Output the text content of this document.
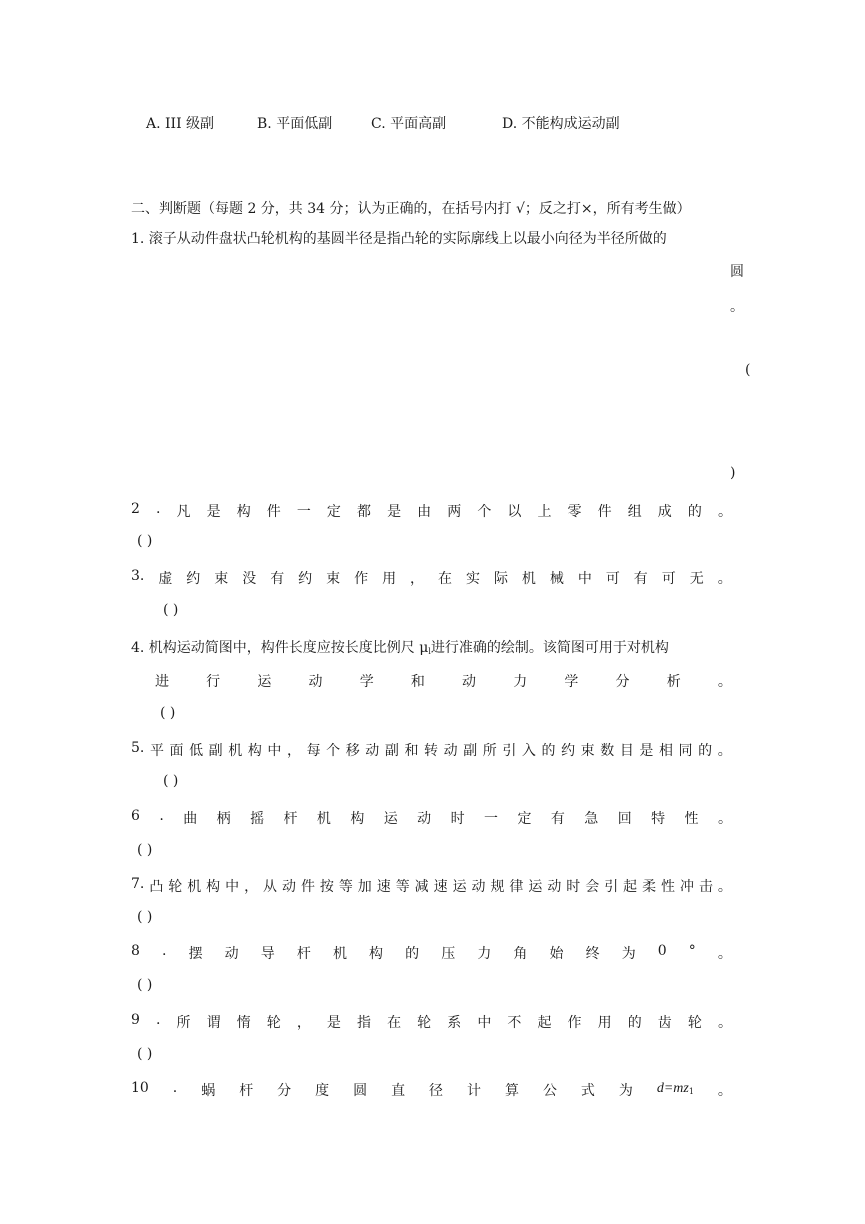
A. III 级副	B. 平面低副	C. 平面高副	D. 不能构成运动副
二、判断题（每题 2 分，共 34 分；认为正确的，在括号内打 √；反之打×，所有考生做）
1. 滚子从动件盘状凸轮机构的基圆半径是指凸轮的实际廓线上以最小向径为半径所做的
圆
。
(
)
2 . 凡 是 构 件 一 定 都 是 由 两 个 以 上 零 件 组 成 的 。
( )
3. 虚 约 束 没 有 约 束 作 用 ， 在 实 际 机 械 中 可 有 可 无 。
( )
4. 机构运动简图中，构件长度应按长度比例尺 $\mu_l$进行准确的绘制。该简图可用于对机构
进	行	运	动	学	和	动	力	学	分	析	。
( )
5. 平 面 低 副 机 构 中 ， 每 个 移 动 副 和 转 动 副 所 引 入 的 约 束 数 目 是 相 同 的 。
( )
6 . 曲 柄 摇 杆 机 构 运 动 时 一 定 有 急 回 特 性 。
( )
7. 凸 轮 机 构 中 ， 从 动 件 按 等 加 速 等 减 速 运 动 规 律 运 动 时 会 引 起 柔 性 冲 击 。
( )
8 . 摆 动 导 杆 机 构 的 压 力 角 始 终 为 0 ° 。
( )
9 . 所 谓 惰 轮 ， 是 指 在 轮 系 中 不 起 作 用 的 齿 轮 。
( )
10 . 蜗 杆 分 度 圆 直 径 计 算 公 式 为 $d=mz_1$ 。
